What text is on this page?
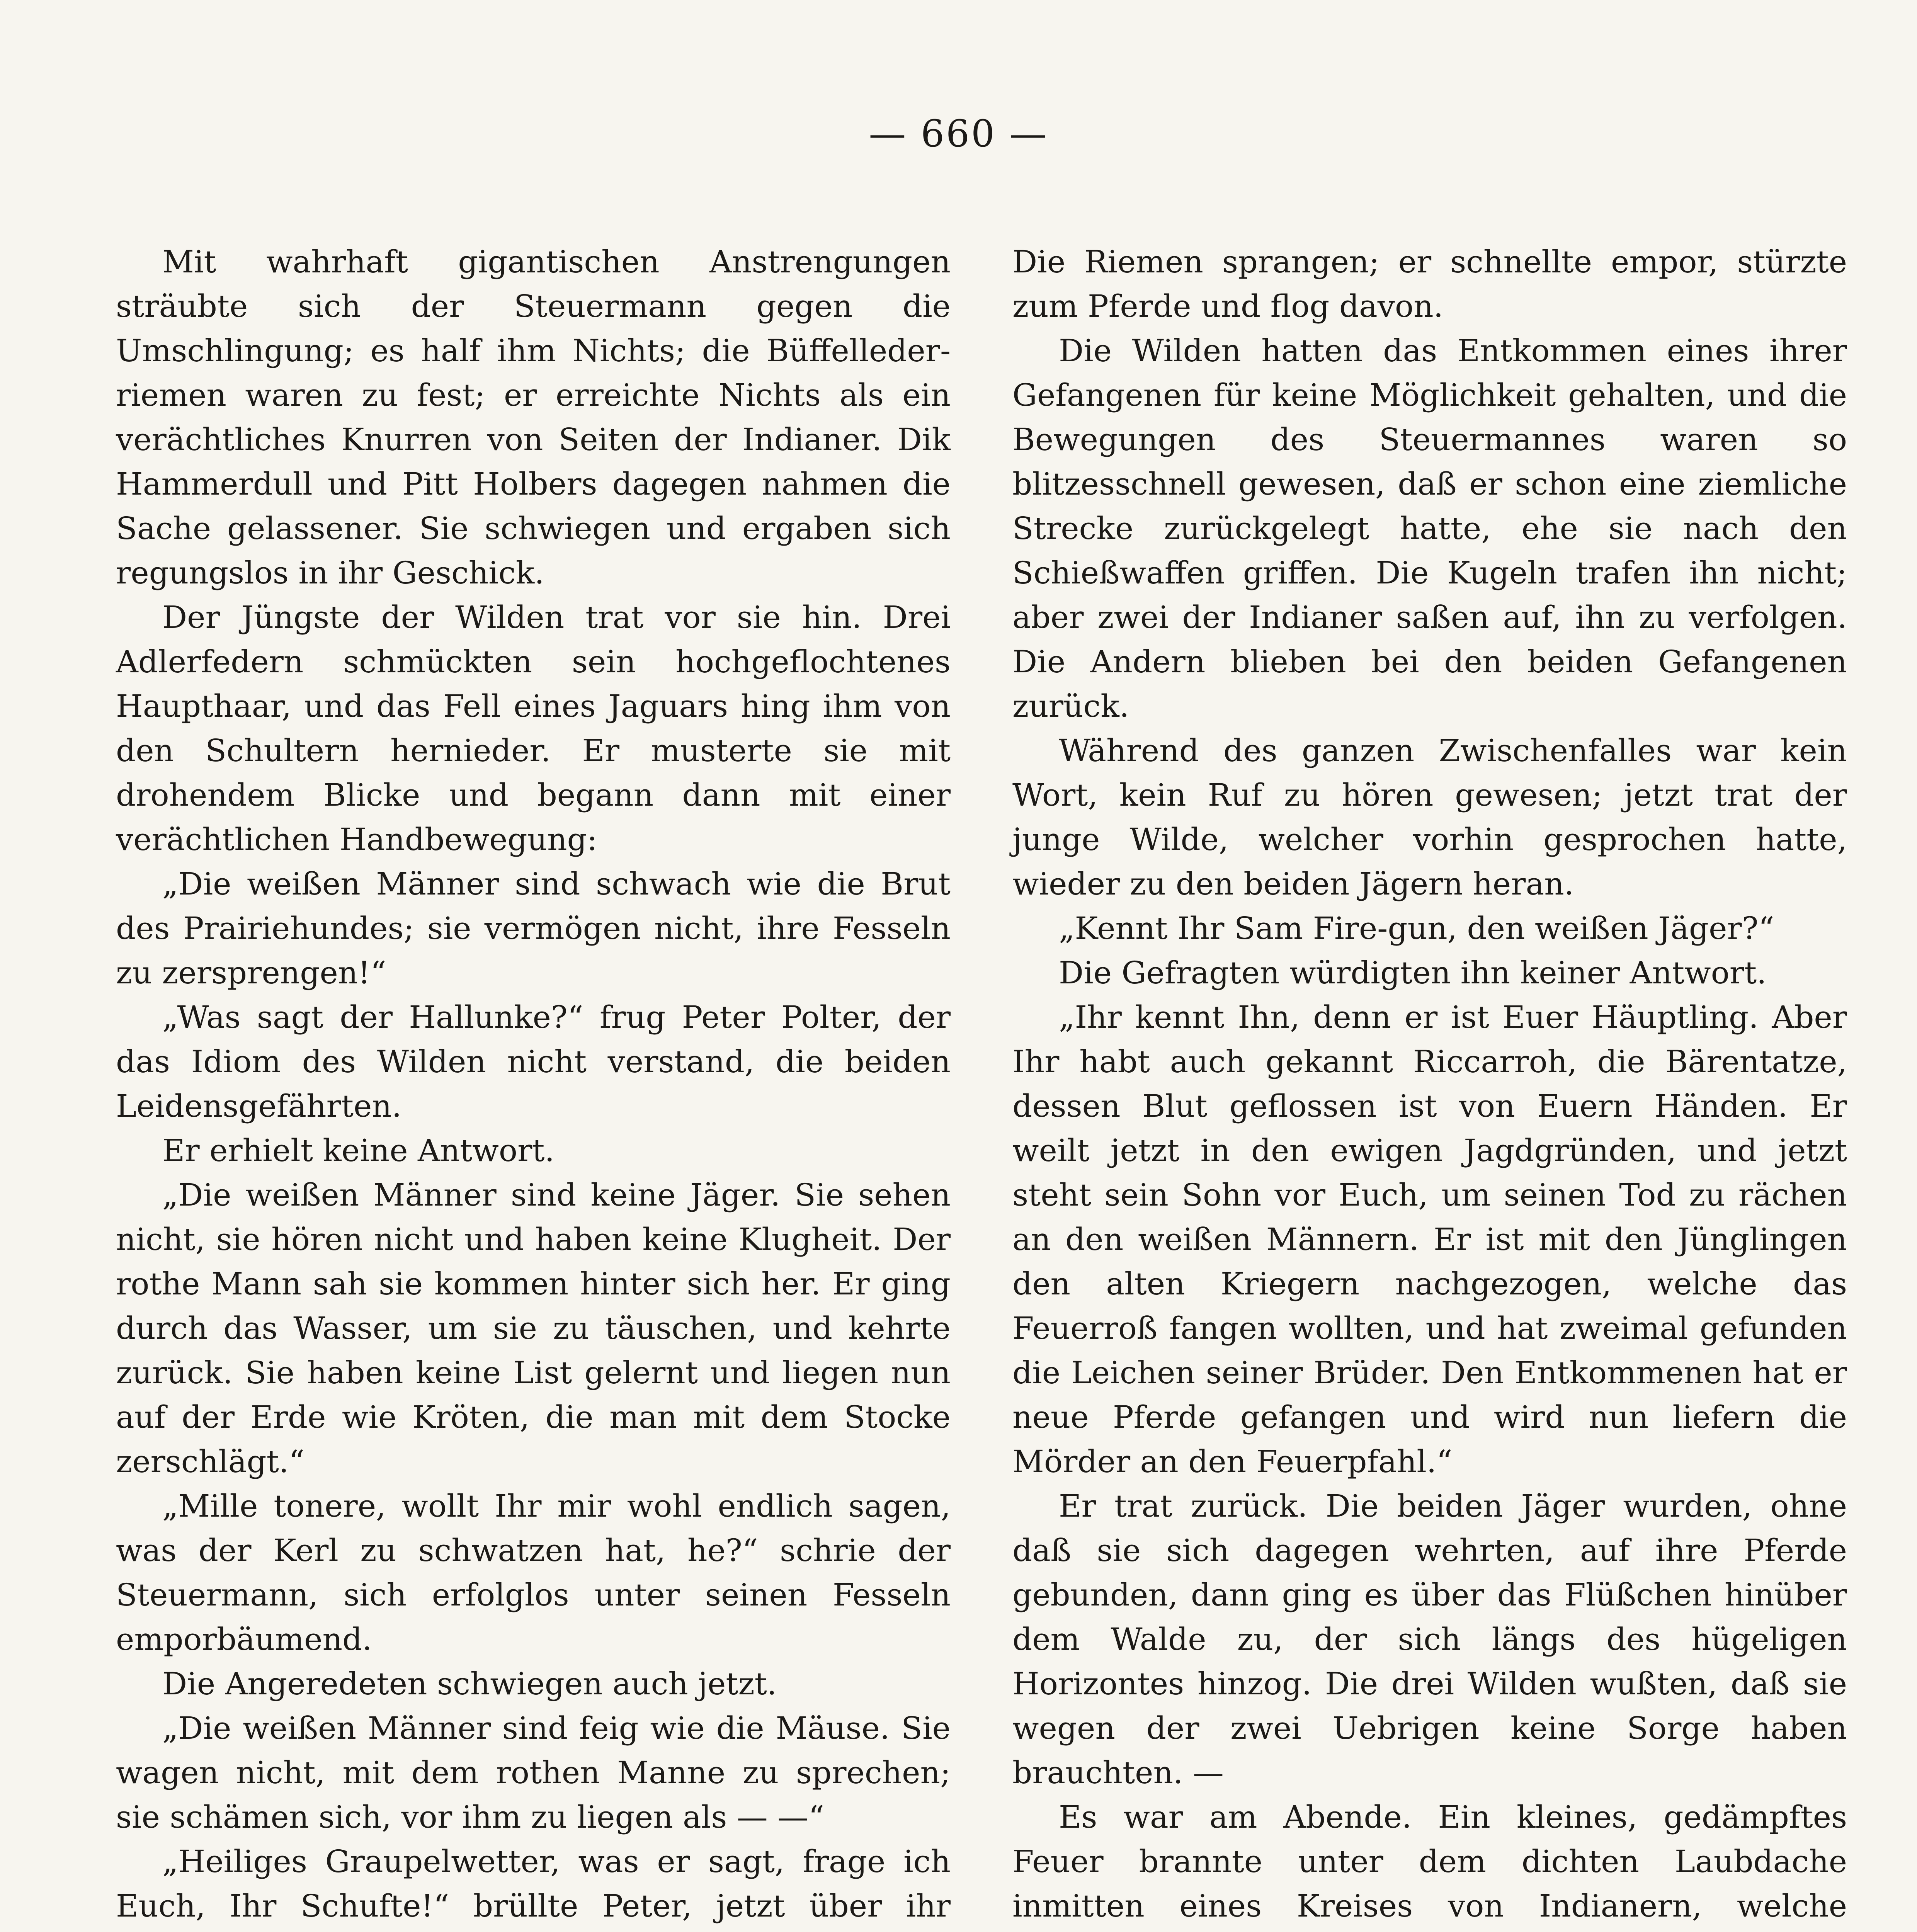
— 660 —

Mit wahrhaft gigantischen Anstrengungen sträubte sich der Steuermann gegen die Umschlingung; es half ihm Nichts; die Büffellederriemen waren zu fest; er erreichte Nichts als ein verächtliches Knurren von Seiten der Indianer. Dik Hammerdull und Pitt Holbers dagegen nahmen die Sache gelassener. Sie schwiegen und ergaben sich regungslos in ihr Geschick.

Der Jüngste der Wilden trat vor sie hin. Drei Adlerfedern schmückten sein hochgeflochtenes Haupthaar, und das Fell eines Jaguars hing ihm von den Schultern hernieder. Er musterte sie mit drohendem Blicke und begann dann mit einer verächtlichen Handbewegung:

„Die weißen Männer sind schwach wie die Brut des Prairiehundes; sie vermögen nicht, ihre Fesseln zu zersprengen!“

„Was sagt der Hallunke?“ frug Peter Polter, der das Idiom des Wilden nicht verstand, die beiden Leidensgefährten.

Er erhielt keine Antwort.

„Die weißen Männer sind keine Jäger. Sie sehen nicht, sie hören nicht und haben keine Klugheit. Der rothe Mann sah sie kommen hinter sich her. Er ging durch das Wasser, um sie zu täuschen, und kehrte zurück. Sie haben keine List gelernt und liegen nun auf der Erde wie Kröten, die man mit dem Stocke zerschlägt.“

„Mille tonere, wollt Ihr mir wohl endlich sagen, was der Kerl zu schwatzen hat, he?“ schrie der Steuermann, sich erfolglos unter seinen Fesseln emporbäumend.

Die Angeredeten schwiegen auch jetzt.

„Die weißen Männer sind feig wie die Mäuse. Sie wagen nicht, mit dem rothen Manne zu sprechen; sie schämen sich, vor ihm zu liegen als — —“

„Heiliges Graupelwetter, was er sagt, frage ich Euch, Ihr Schufte!“ brüllte Peter, jetzt über ihr

Die Riemen sprangen; er schnellte empor, stürzte zum Pferde und flog davon.

Die Wilden hatten das Entkommen eines ihrer Gefangenen für keine Möglichkeit gehalten, und die Bewegungen des Steuermannes waren so blitzesschnell gewesen, daß er schon eine ziemliche Strecke zurückgelegt hatte, ehe sie nach den Schießwaffen griffen. Die Kugeln trafen ihn nicht; aber zwei der Indianer saßen auf, ihn zu verfolgen. Die Andern blieben bei den beiden Gefangenen zurück.

Während des ganzen Zwischenfalles war kein Wort, kein Ruf zu hören gewesen; jetzt trat der junge Wilde, welcher vorhin gesprochen hatte, wieder zu den beiden Jägern heran.

„Kennt Ihr Sam Fire-gun, den weißen Jäger?“

Die Gefragten würdigten ihn keiner Antwort.

„Ihr kennt Ihn, denn er ist Euer Häuptling. Aber Ihr habt auch gekannt Riccarroh, die Bärentatze, dessen Blut geflossen ist von Euern Händen. Er weilt jetzt in den ewigen Jagdgründen, und jetzt steht sein Sohn vor Euch, um seinen Tod zu rächen an den weißen Männern. Er ist mit den Jünglingen den alten Kriegern nachgezogen, welche das Feuerroß fangen wollten, und hat zweimal gefunden die Leichen seiner Brüder. Den Entkommenen hat er neue Pferde gefangen und wird nun liefern die Mörder an den Feuerpfahl.“

Er trat zurück. Die beiden Jäger wurden, ohne daß sie sich dagegen wehrten, auf ihre Pferde gebunden, dann ging es über das Flüßchen hinüber dem Walde zu, der sich längs des hügeligen Horizontes hinzog. Die drei Wilden wußten, daß sie wegen der zwei Uebrigen keine Sorge haben brauchten. —

Es war am Abende. Ein kleines, gedämpftes Feuer brannte unter dem dichten Laubdache inmitten eines Kreises von Indianern, welche
